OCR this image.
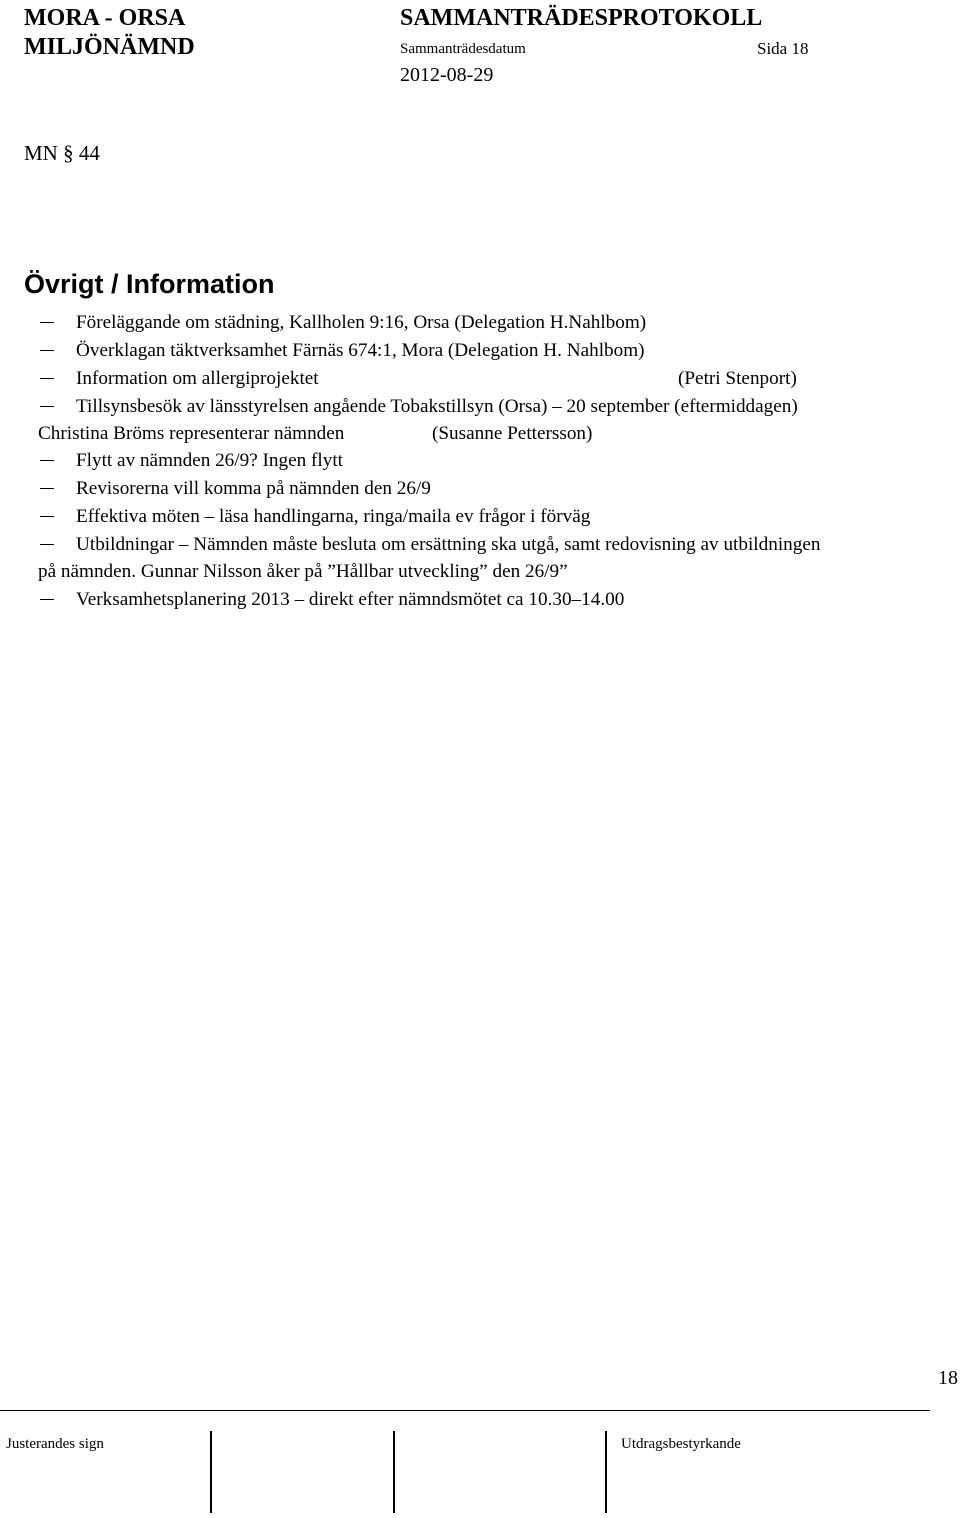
MORA - ORSA
MILJÖNÄMND
SAMMANTRÄDESPROTOKOLL
Sammanträdesdatum	Sida 18
2012-08-29
MN § 44
Övrigt / Information
Föreläggande om städning, Kallholen 9:16, Orsa (Delegation H.Nahlbom)
Överklagan täktverksamhet Färnäs 674:1, Mora (Delegation H. Nahlbom)
Information om allergiprojektet	(Petri Stenport)
Tillsynsbesök av länsstyrelsen angående Tobakstillsyn (Orsa) – 20 september (eftermiddagen)
Christina Bröms representerar nämnden	(Susanne Pettersson)
Flytt av nämnden 26/9? Ingen flytt
Revisorerna vill komma på nämnden den 26/9
Effektiva möten – läsa handlingarna, ringa/maila ev frågor i förväg
Utbildningar – Nämnden måste besluta om ersättning ska utgå, samt redovisning av utbildningen
på nämnden. Gunnar Nilsson åker på ”Hållbar utveckling” den 26/9”
Verksamhetsplanering 2013 – direkt efter nämndsmötet ca 10.30–14.00
18
Justerandes sign	Utdragsbestyrkande
